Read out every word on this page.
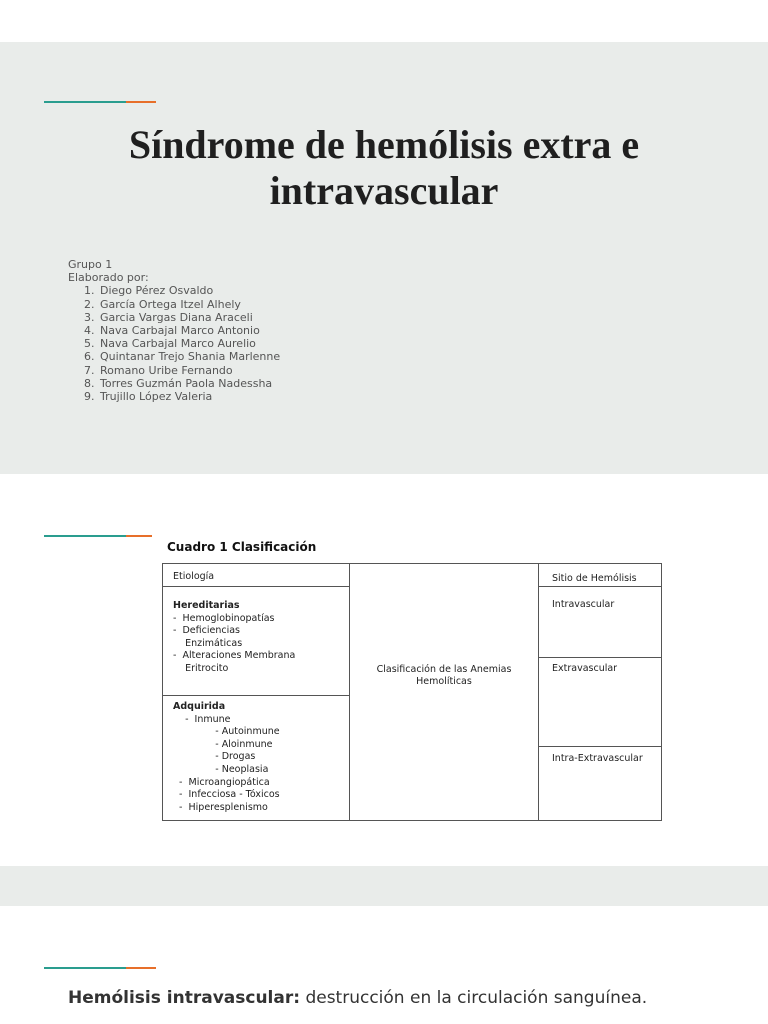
Síndrome de hemólisis extra e intravascular
Grupo 1
Elaborado por:
1. Diego Pérez Osvaldo
2. García Ortega Itzel Alhely
3. Garcia Vargas Diana Araceli
4. Nava Carbajal Marco Antonio
5. Nava Carbajal Marco Aurelio
6. Quintanar Trejo Shania Marlenne
7. Romano Uribe Fernando
8. Torres Guzmán Paola Nadessha
9. Trujillo López Valeria
Cuadro 1 Clasificación
Etiología
Hereditarias
-  Hemoglobinopatías
-  Deficiencias
Enzimáticas
-  Alteraciones Membrana
Eritrocito
Adquirida
-  Inmune
- Autoinmune
- Aloinmune
- Drogas
- Neoplasia
-  Microangiopática
-  Infecciosa - Tóxicos
-  Hiperesplenismo
Clasificación de las Anemias Hemolíticas
Sitio de Hemólisis
Intravascular
Extravascular
Intra-Extravascular
Hemólisis intravascular: destrucción en la circulación sanguínea.
